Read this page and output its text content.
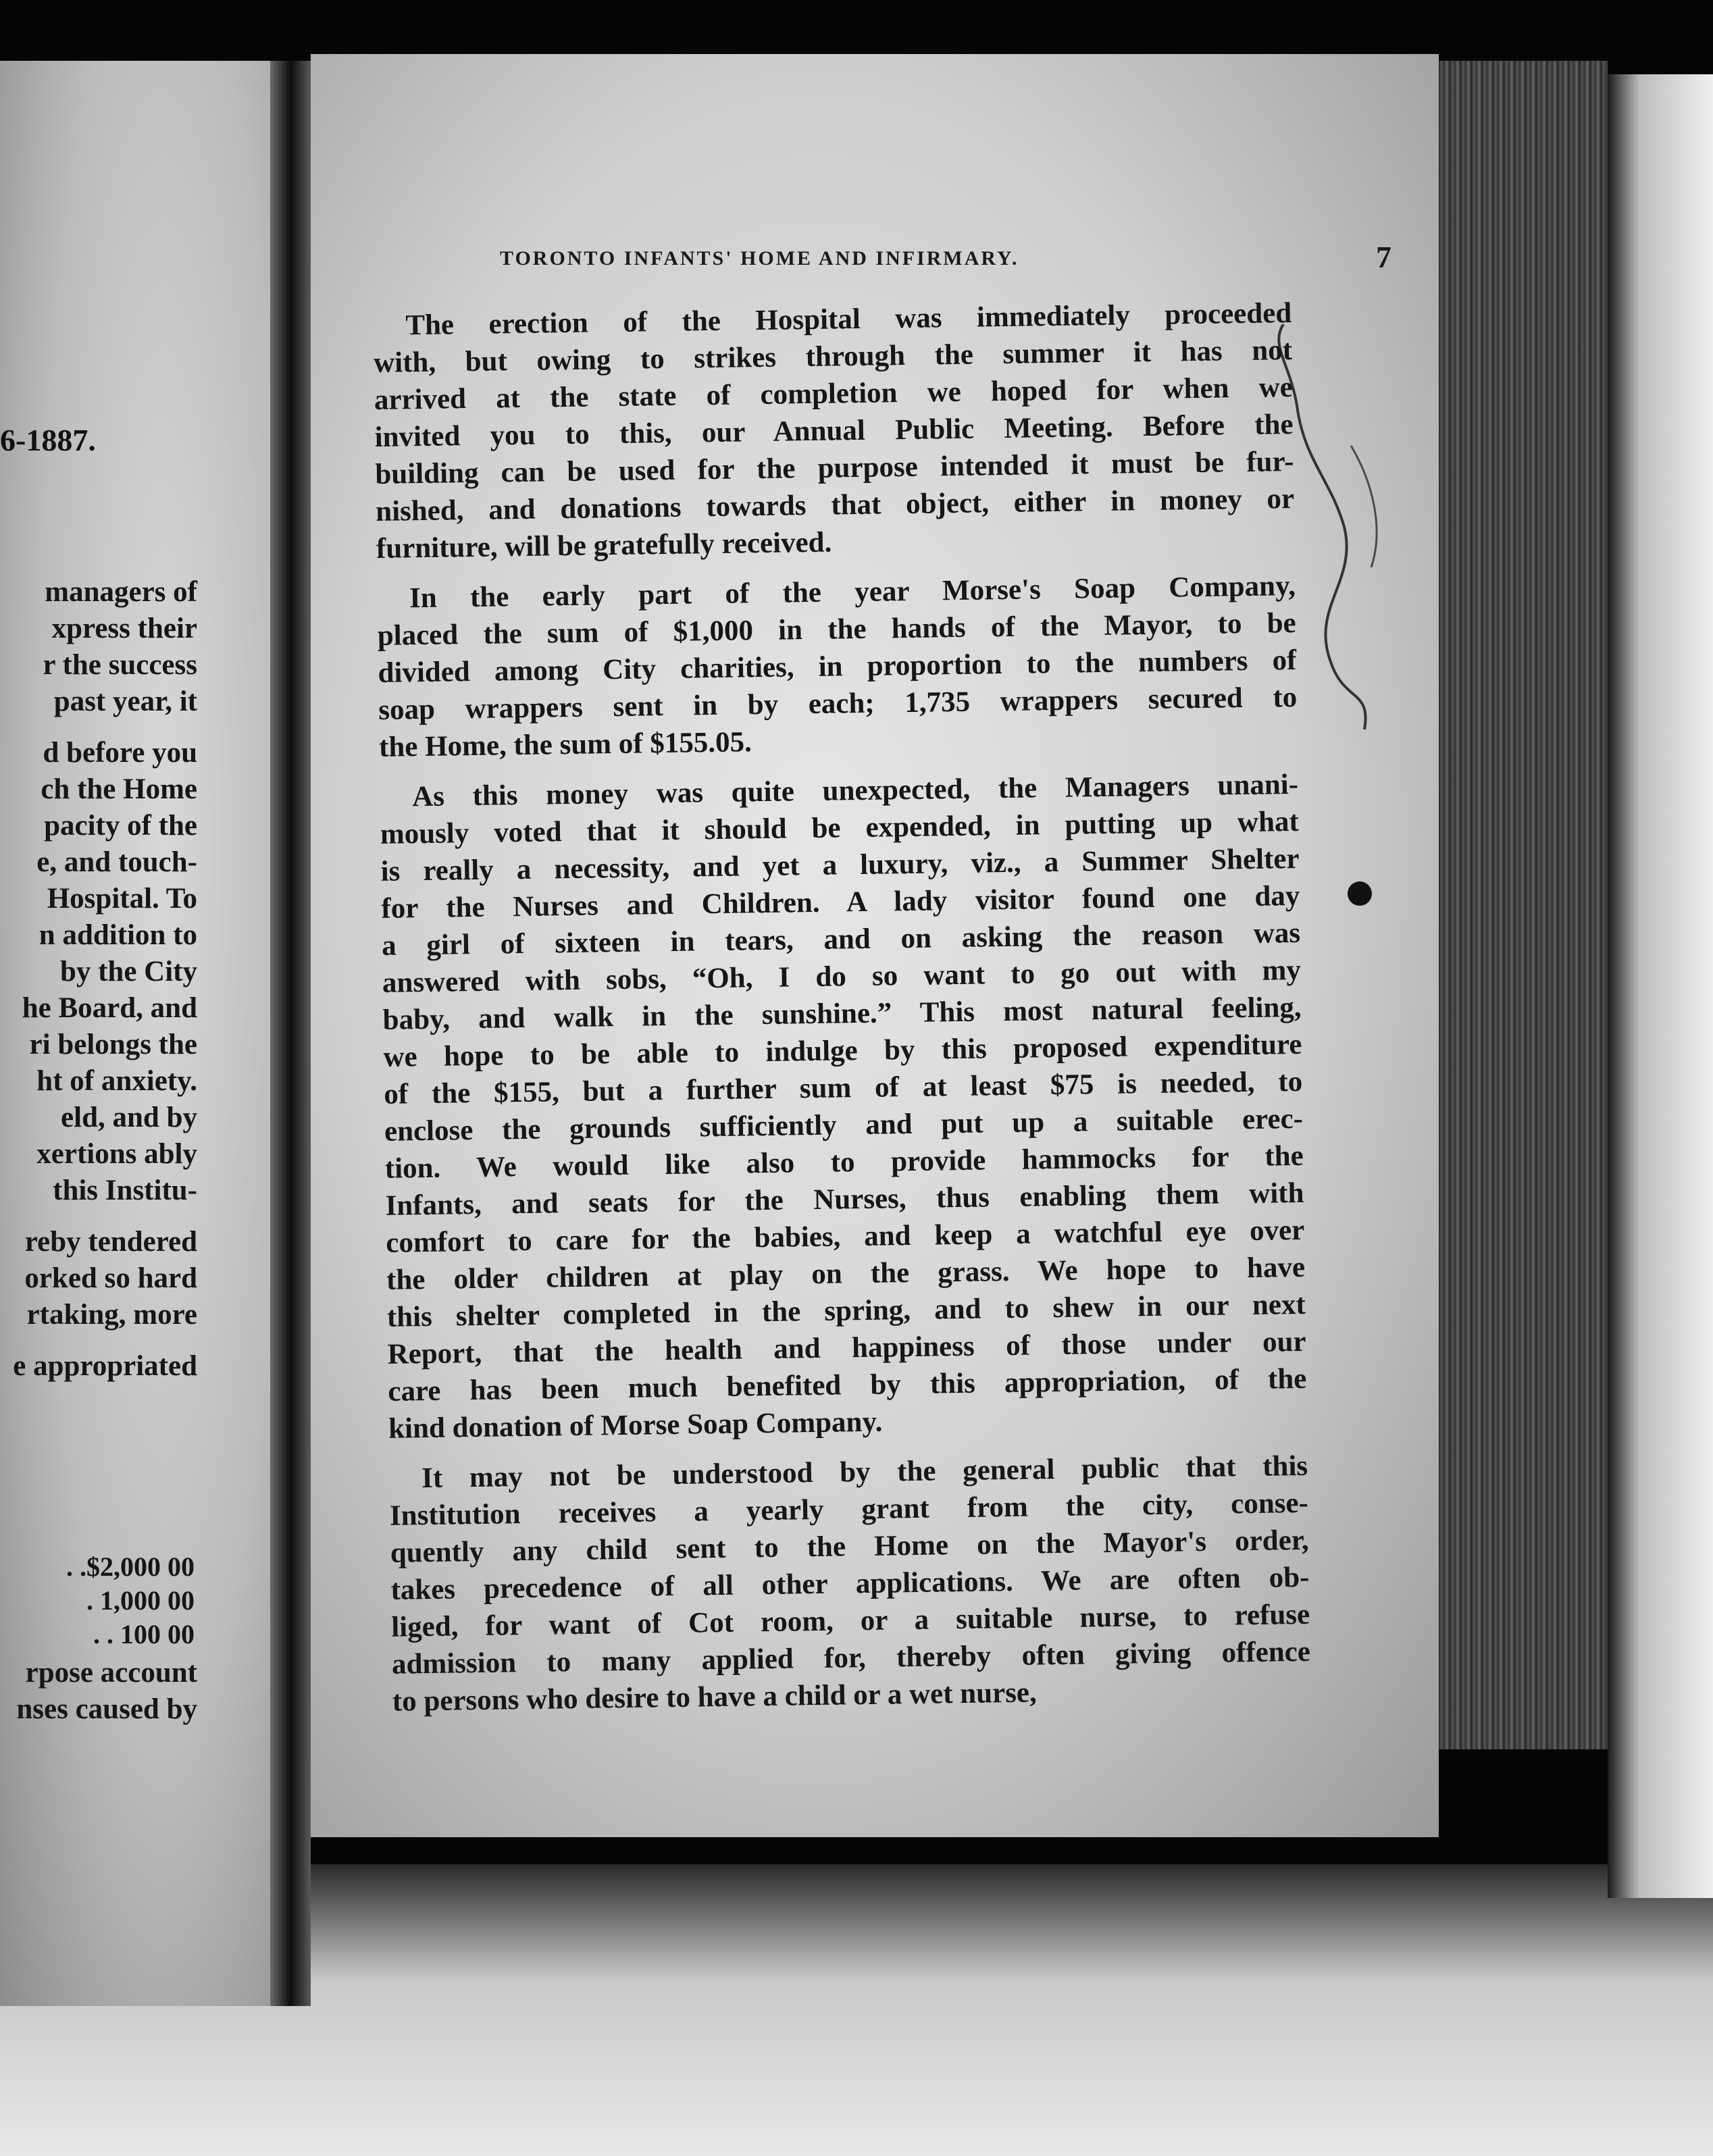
6-1887.

managers of
xpress their
r the success
past year, it
d before you
ch the Home
pacity of the
e, and touch-
Hospital. To
n addition to
by the City
he Board, and
ri belongs the
ht of anxiety.
eld, and by
xertions ably
this Institu-
reby tendered
orked so hard
rtaking, more
e appropriated
. .$2,000 00
. 1,000 00
. . 100 00
rpose account
nses caused by
TORONTO INFANTS' HOME AND INFIRMARY.	7
The erection of the Hospital was immediately proceeded
with, but owing to strikes through the summer it has not
arrived at the state of completion we hoped for when we
invited you to this, our Annual Public Meeting. Before the
building can be used for the purpose intended it must be fur-
nished, and donations towards that object, either in money or
furniture, will be gratefully received.
In the early part of the year Morse's Soap Company,
placed the sum of $1,000 in the hands of the Mayor, to be
divided among City charities, in proportion to the numbers of
soap wrappers sent in by each; 1,735 wrappers secured to
the Home, the sum of $155.05.
As this money was quite unexpected, the Managers unani-
mously voted that it should be expended, in putting up what
is really a necessity, and yet a luxury, viz., a Summer Shelter
for the Nurses and Children. A lady visitor found one day
a girl of sixteen in tears, and on asking the reason was
answered with sobs, “Oh, I do so want to go out with my
baby, and walk in the sunshine.” This most natural feeling,
we hope to be able to indulge by this proposed expenditure
of the $155, but a further sum of at least $75 is needed, to
enclose the grounds sufficiently and put up a suitable erec-
tion. We would like also to provide hammocks for the
Infants, and seats for the Nurses, thus enabling them with
comfort to care for the babies, and keep a watchful eye over
the older children at play on the grass. We hope to have
this shelter completed in the spring, and to shew in our next
Report, that the health and happiness of those under our
care has been much benefited by this appropriation, of the
kind donation of Morse Soap Company.
It may not be understood by the general public that this
Institution receives a yearly grant from the city, conse-
quently any child sent to the Home on the Mayor's order,
takes precedence of all other applications. We are often ob-
liged, for want of Cot room, or a suitable nurse, to refuse
admission to many applied for, thereby often giving offence
to persons who desire to have a child or a wet nurse,
